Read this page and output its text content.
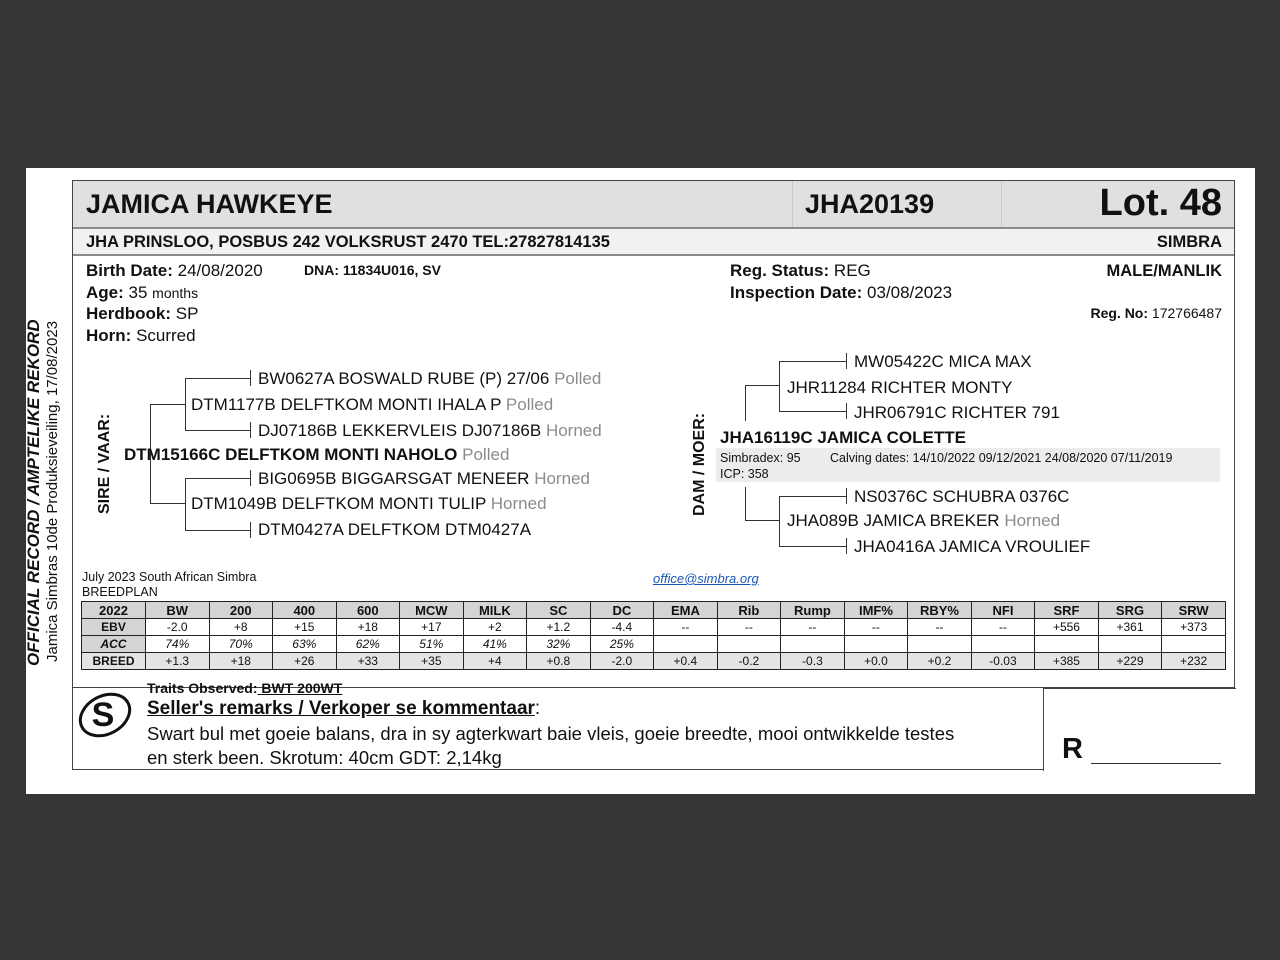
OFFICIAL RECORD / AMPTELIKE REKORD Jamica Simbras 10de Produksieveiling, 17/08/2023
JAMICA HAWKEYE	JHA20139	Lot. 48
JHA PRINSLOO, POSBUS 242 VOLKSRUST 2470 TEL:27827814135	SIMBRA
Birth Date: 24/08/2020	DNA: 11834U016, SV
Age: 35 months
Herdbook: SP
Horn: Scurred
Reg. Status: REG
Inspection Date: 03/08/2023
MALE/MANLIK
Reg. No: 172766487
SIRE / VAAR:
BW0627A BOSWALD RUBE (P) 27/06 Polled
DTM1177B DELFTKOM MONTI IHALA P Polled
DJ07186B LEKKERVLEIS DJ07186B Horned
DTM15166C DELFTKOM MONTI NAHOLO Polled
BIG0695B BIGGARSGAT MENEER Horned
DTM1049B DELFTKOM MONTI TULIP Horned
DTM0427A DELFTKOM DTM0427A
DAM / MOER:
MW05422C MICA MAX
JHR11284 RICHTER MONTY
JHR06791C RICHTER 791
JHA16119C JAMICA COLETTE
Simbradex: 95
ICP: 358
Calving dates: 14/10/2022 09/12/2021 24/08/2020 07/11/2019
NS0376C SCHUBRA 0376C
JHA089B JAMICA BREKER Horned
JHA0416A JAMICA VROULIEF
July 2023 South African Simbra
BREEDPLAN
office@simbra.org
2022	BW	200	400	600	MCW	MILK	SC	DC	EMA	Rib	Rump	IMF%	RBY%	NFI	SRF	SRG	SRW
EBV	-2.0	+8	+15	+18	+17	+2	+1.2	-4.4	--	--	--	--	--	--	+556	+361	+373
ACC	74%	70%	63%	62%	51%	41%	32%	25%									
BREED	+1.3	+18	+26	+33	+35	+4	+0.8	-2.0	+0.4	-0.2	-0.3	+0.0	+0.2	-0.03	+385	+229	+232
S
Traits Observed: BWT 200WT
Seller's remarks / Verkoper se kommentaar:
Swart bul met goeie balans, dra in sy agterkwart baie vleis, goeie breedte, mooi ontwikkelde testes
en sterk been. Skrotum: 40cm GDT: 2,14kg	R
